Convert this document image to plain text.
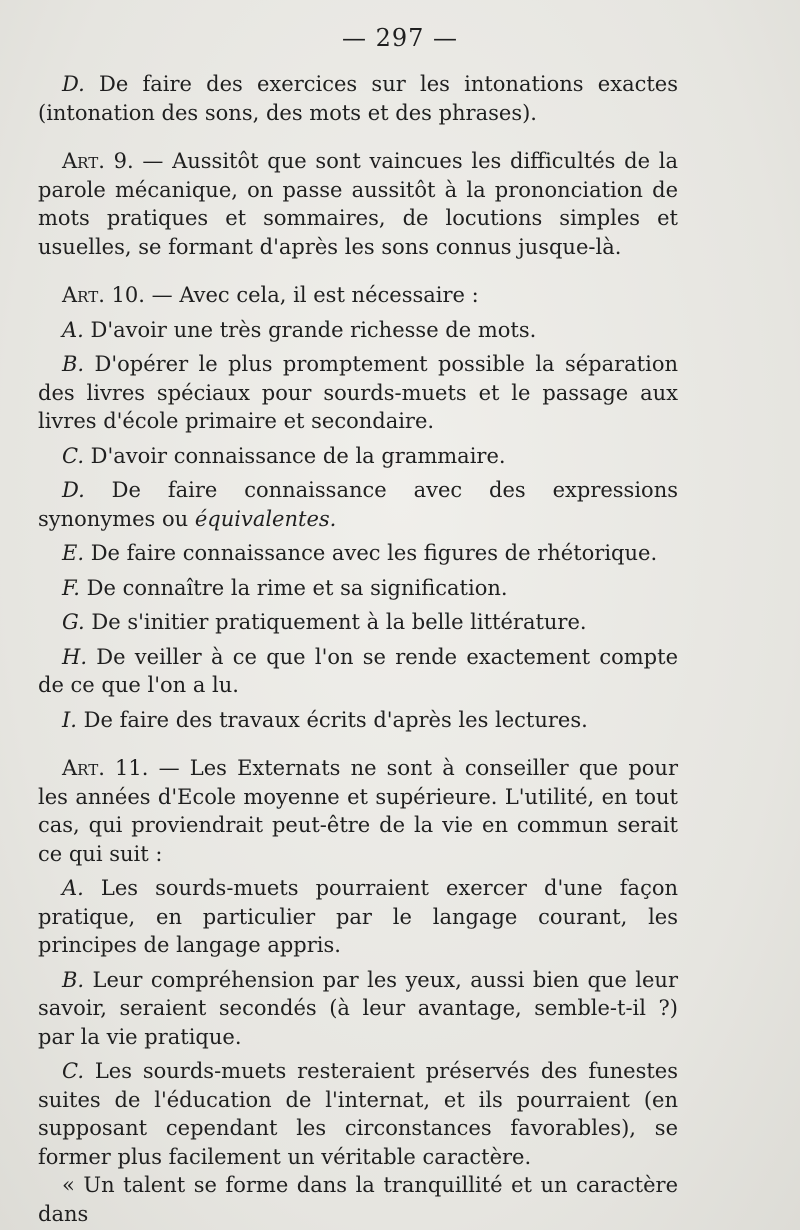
— 297 —

D. De faire des exercices sur les intonations exactes (intonation des sons, des mots et des phrases).

Art. 9. — Aussitôt que sont vaincues les difficultés de la parole mécanique, on passe aussitôt à la prononciation de mots pratiques et sommaires, de locutions simples et usuelles, se formant d'après les sons connus jusque-là.

Art. 10. — Avec cela, il est nécessaire :

A. D'avoir une très grande richesse de mots.

B. D'opérer le plus promptement possible la séparation des livres spéciaux pour sourds-muets et le passage aux livres d'école primaire et secondaire.

C. D'avoir connaissance de la grammaire.

D. De faire connaissance avec des expressions synonymes ou équivalentes.

E. De faire connaissance avec les figures de rhétorique.

F. De connaître la rime et sa signification.

G. De s'initier pratiquement à la belle littérature.

H. De veiller à ce que l'on se rende exactement compte de ce que l'on a lu.

I. De faire des travaux écrits d'après les lectures.

Art. 11. — Les Externats ne sont à conseiller que pour les années d'Ecole moyenne et supérieure. L'utilité, en tout cas, qui proviendrait peut-être de la vie en commun serait ce qui suit :

A. Les sourds-muets pourraient exercer d'une façon pratique, en particulier par le langage courant, les principes de langage appris.

B. Leur compréhension par les yeux, aussi bien que leur savoir, seraient secondés (à leur avantage, semble-t-il ?) par la vie pratique.

C. Les sourds-muets resteraient préservés des funestes suites de l'éducation de l'internat, et ils pourraient (en supposant cependant les circonstances favorables), se former plus facilement un véritable caractère.

« Un talent se forme dans la tranquillité et un caractère dans
